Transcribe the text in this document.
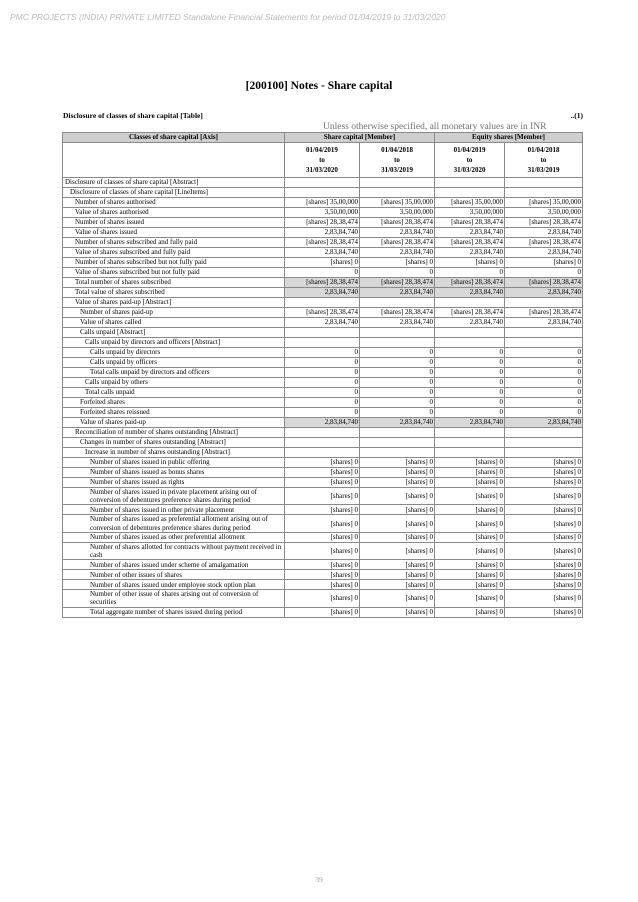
PMC PROJECTS (INDIA) PRIVATE LIMITED Standalone Financial Statements for period 01/04/2019 to 31/03/2020
[200100] Notes - Share capital
Disclosure of classes of share capital [Table]	..(1)
Unless otherwise specified, all monetary values are in INR
Classes of share capital [Axis]	Share capital [Member]		Equity shares [Member]	
	01/04/2019
to
31/03/2020	01/04/2018
to
31/03/2019	01/04/2019
to
31/03/2020	01/04/2018
to
31/03/2019
Disclosure of classes of share capital [Abstract]				
Disclosure of classes of share capital [LineItems]				
Number of shares authorised	[shares] 35,00,000	[shares] 35,00,000	[shares] 35,00,000	[shares] 35,00,000
Value of shares authorised	3,50,00,000	3,50,00,000	3,50,00,000	3,50,00,000
Number of shares issued	[shares] 28,38,474	[shares] 28,38,474	[shares] 28,38,474	[shares] 28,38,474
Value of shares issued	2,83,84,740	2,83,84,740	2,83,84,740	2,83,84,740
Number of shares subscribed and fully paid	[shares] 28,38,474	[shares] 28,38,474	[shares] 28,38,474	[shares] 28,38,474
Value of shares subscribed and fully paid	2,83,84,740	2,83,84,740	2,83,84,740	2,83,84,740
Number of shares subscribed but not fully paid	[shares] 0	[shares] 0	[shares] 0	[shares] 0
Value of shares subscribed but not fully paid	0	0	0	0
Total number of shares subscribed	[shares] 28,38,474	[shares] 28,38,474	[shares] 28,38,474	[shares] 28,38,474
Total value of shares subscribed	2,83,84,740	2,83,84,740	2,83,84,740	2,83,84,740
Value of shares paid-up [Abstract]				
Number of shares paid-up	[shares] 28,38,474	[shares] 28,38,474	[shares] 28,38,474	[shares] 28,38,474
Value of shares called	2,83,84,740	2,83,84,740	2,83,84,740	2,83,84,740
Calls unpaid [Abstract]				
Calls unpaid by directors and officers [Abstract]				
Calls unpaid by directors	0	0	0	0
Calls unpaid by officers	0	0	0	0
Total calls unpaid by directors and officers	0	0	0	0
Calls unpaid by others	0	0	0	0
Total calls unpaid	0	0	0	0
Forfeited shares	0	0	0	0
Forfeited shares reissued	0	0	0	0
Value of shares paid-up	2,83,84,740	2,83,84,740	2,83,84,740	2,83,84,740
Reconciliation of number of shares outstanding [Abstract]				
Changes in number of shares outstanding [Abstract]				
Increase in number of shares outstanding [Abstract]				
Number of shares issued in public offering	[shares] 0	[shares] 0	[shares] 0	[shares] 0
Number of shares issued as bonus shares	[shares] 0	[shares] 0	[shares] 0	[shares] 0
Number of shares issued as rights	[shares] 0	[shares] 0	[shares] 0	[shares] 0
Number of shares issued in private placement arising out of conversion of debentures preference shares during period	[shares] 0	[shares] 0	[shares] 0	[shares] 0
Number of shares issued in other private placement	[shares] 0	[shares] 0	[shares] 0	[shares] 0
Number of shares issued as preferential allotment arising out of conversion of debentures preference shares during period	[shares] 0	[shares] 0	[shares] 0	[shares] 0
Number of shares issued as other preferential allotment	[shares] 0	[shares] 0	[shares] 0	[shares] 0
Number of shares allotted for contracts without payment received in cash	[shares] 0	[shares] 0	[shares] 0	[shares] 0
Number of shares issued under scheme of amalgamation	[shares] 0	[shares] 0	[shares] 0	[shares] 0
Number of other issues of shares	[shares] 0	[shares] 0	[shares] 0	[shares] 0
Number of shares issued under employee stock option plan	[shares] 0	[shares] 0	[shares] 0	[shares] 0
Number of other issue of shares arising out of conversion of securities	[shares] 0	[shares] 0	[shares] 0	[shares] 0
Total aggregate number of shares issued during period	[shares] 0	[shares] 0	[shares] 0	[shares] 0
39
